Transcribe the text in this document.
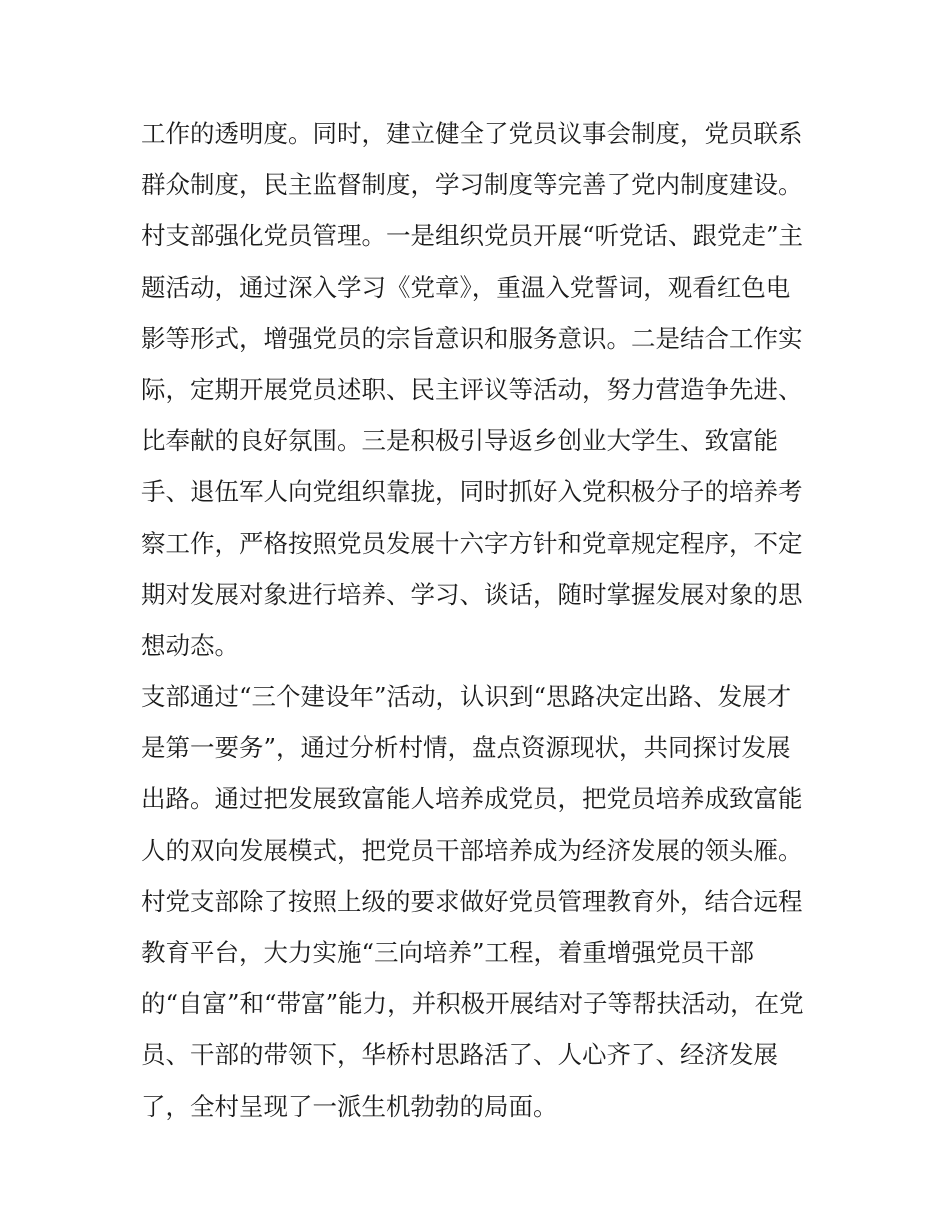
工作的透明度。同时，建立健全了党员议事会制度，党员联系
群众制度，民主监督制度，学习制度等完善了党内制度建设。
村支部强化党员管理。一是组织党员开展“听党话、跟党走”主
题活动，通过深入学习《党章》，重温入党誓词，观看红色电
影等形式，增强党员的宗旨意识和服务意识。二是结合工作实
际，定期开展党员述职、民主评议等活动，努力营造争先进、
比奉献的良好氛围。三是积极引导返乡创业大学生、致富能
手、退伍军人向党组织靠拢，同时抓好入党积极分子的培养考
察工作，严格按照党员发展十六字方针和党章规定程序，不定
期对发展对象进行培养、学习、谈话，随时掌握发展对象的思
想动态。
支部通过“三个建设年”活动，认识到“思路决定出路、发展才
是第一要务”，通过分析村情，盘点资源现状，共同探讨发展
出路。通过把发展致富能人培养成党员，把党员培养成致富能
人的双向发展模式，把党员干部培养成为经济发展的领头雁。
村党支部除了按照上级的要求做好党员管理教育外，结合远程
教育平台，大力实施“三向培养”工程，着重增强党员干部
的“自富”和“带富”能力，并积极开展结对子等帮扶活动，在党
员、干部的带领下，华桥村思路活了、人心齐了、经济发展
了，全村呈现了一派生机勃勃的局面。
